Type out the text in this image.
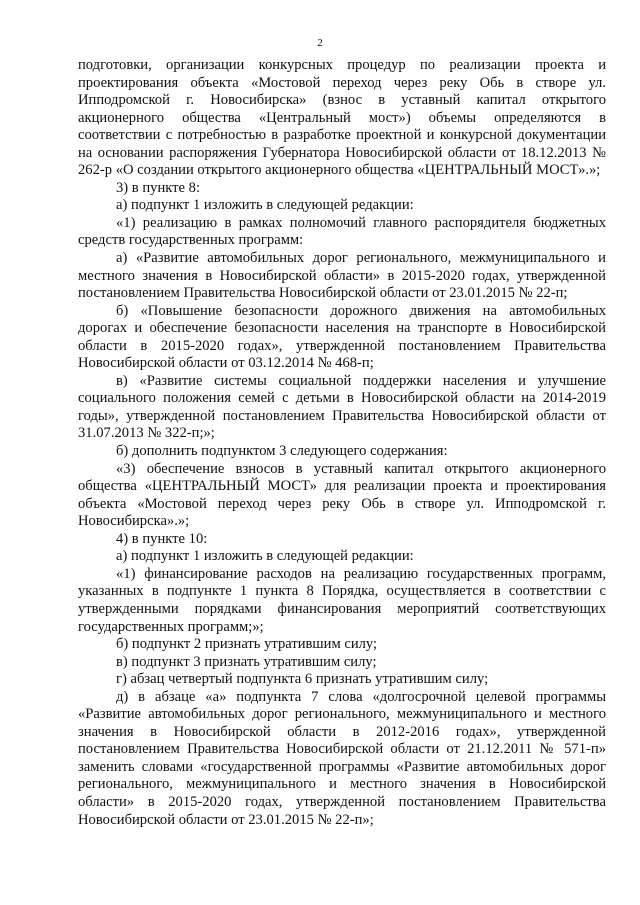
2

подготовки, организации конкурсных процедур по реализации проекта и проектирования объекта «Мостовой переход через реку Обь в створе ул. Ипподромской г. Новосибирска» (взнос в уставный капитал открытого акционерного общества «Центральный мост») объемы определяются в соответствии с потребностью в разработке проектной и конкурсной документации на основании распоряжения Губернатора Новосибирской области от 18.12.2013 № 262-р «О создании открытого акционерного общества «ЦЕНТРАЛЬНЫЙ МОСТ».»;

3) в пункте 8:

а) подпункт 1 изложить в следующей редакции:

«1) реализацию в рамках полномочий главного распорядителя бюджетных средств государственных программ:

а) «Развитие автомобильных дорог регионального, межмуниципального и местного значения в Новосибирской области» в 2015-2020 годах, утвержденной постановлением Правительства Новосибирской области от 23.01.2015 № 22-п;

б) «Повышение безопасности дорожного движения на автомобильных дорогах и обеспечение безопасности населения на транспорте в Новосибирской области в 2015-2020 годах», утвержденной постановлением Правительства Новосибирской области от 03.12.2014 № 468-п;

в) «Развитие системы социальной поддержки населения и улучшение социального положения семей с детьми в Новосибирской области на 2014-2019 годы», утвержденной постановлением Правительства Новосибирской области от 31.07.2013 № 322-п;»;

б) дополнить подпунктом 3 следующего содержания:

«3) обеспечение взносов в уставный капитал открытого акционерного общества «ЦЕНТРАЛЬНЫЙ МОСТ» для реализации проекта и проектирования объекта «Мостовой переход через реку Обь в створе ул. Ипподромской г. Новосибирска».»;

4) в пункте 10:

а) подпункт 1 изложить в следующей редакции:

«1) финансирование расходов на реализацию государственных программ, указанных в подпункте 1 пункта 8 Порядка, осуществляется в соответствии с утвержденными порядками финансирования мероприятий соответствующих государственных программ;»;

б) подпункт 2 признать утратившим силу;

в) подпункт 3 признать утратившим силу;

г) абзац четвертый подпункта 6 признать утратившим силу;

д) в абзаце «а» подпункта 7 слова «долгосрочной целевой программы «Развитие автомобильных дорог регионального, межмуниципального и местного значения в Новосибирской области в 2012-2016 годах», утвержденной постановлением Правительства Новосибирской области от 21.12.2011 № 571-п» заменить словами «государственной программы «Развитие автомобильных дорог регионального, межмуниципального и местного значения в Новосибирской области» в 2015-2020 годах, утвержденной постановлением Правительства Новосибирской области от 23.01.2015 № 22-п»;
